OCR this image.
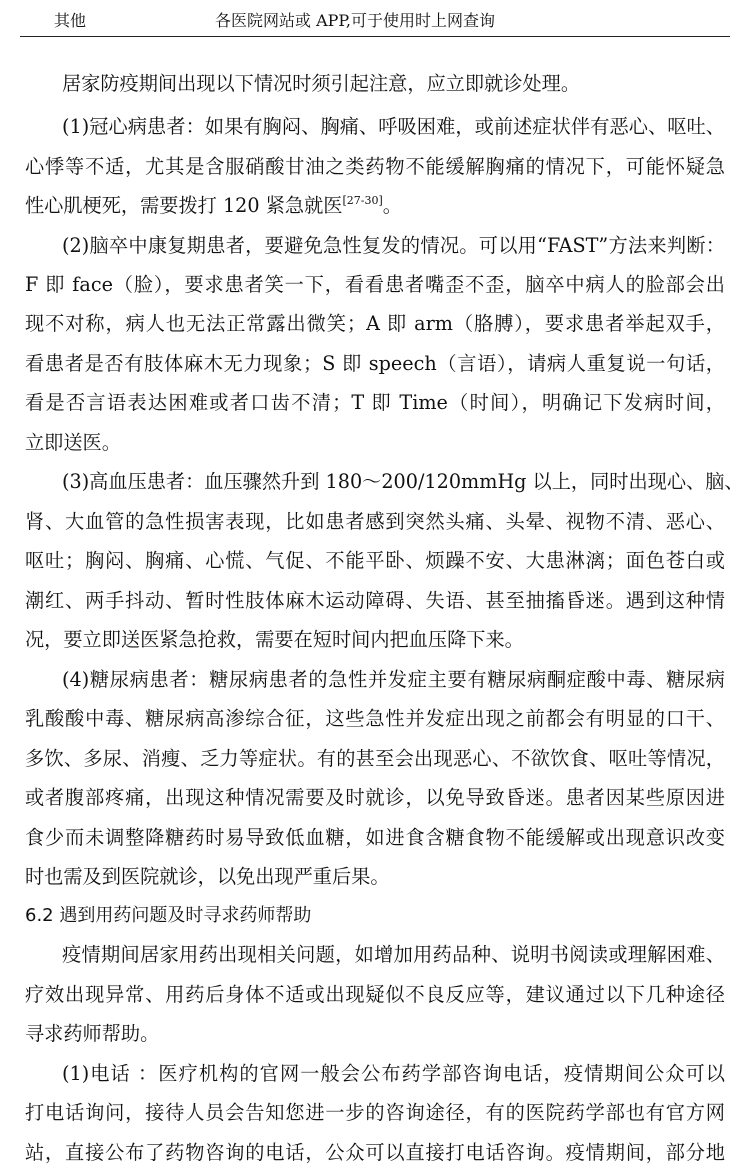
其他	各医院网站或 APP,可于使用时上网查询
居家防疫期间出现以下情况时须引起注意，应立即就诊处理。
(1)冠心病患者：如果有胸闷、胸痛、呼吸困难，或前述症状伴有恶心、呕吐、
心悸等不适，尤其是含服硝酸甘油之类药物不能缓解胸痛的情况下，可能怀疑急
性心肌梗死，需要拨打 120 紧急就医[27-30]。
(2)脑卒中康复期患者，要避免急性复发的情况。可以用“FAST”方法来判断：
F 即 face（脸），要求患者笑一下，看看患者嘴歪不歪，脑卒中病人的脸部会出
现不对称，病人也无法正常露出微笑；A 即 arm（胳膊），要求患者举起双手，
看患者是否有肢体麻木无力现象；S 即 speech（言语），请病人重复说一句话，
看是否言语表达困难或者口齿不清；T 即 Time（时间），明确记下发病时间，
立即送医。
(3)高血压患者：血压骤然升到 180～200/120mmHg 以上，同时出现心、脑、
肾、大血管的急性损害表现，比如患者感到突然头痛、头晕、视物不清、恶心、
呕吐；胸闷、胸痛、心慌、气促、不能平卧、烦躁不安、大患淋漓；面色苍白或
潮红、两手抖动、暂时性肢体麻木运动障碍、失语、甚至抽搐昏迷。遇到这种情
况，要立即送医紧急抢救，需要在短时间内把血压降下来。
(4)糖尿病患者：糖尿病患者的急性并发症主要有糖尿病酮症酸中毒、糖尿病
乳酸酸中毒、糖尿病高渗综合征，这些急性并发症出现之前都会有明显的口干、
多饮、多尿、消瘦、乏力等症状。有的甚至会出现恶心、不欲饮食、呕吐等情况，
或者腹部疼痛，出现这种情况需要及时就诊，以免导致昏迷。患者因某些原因进
食少而未调整降糖药时易导致低血糖，如进食含糖食物不能缓解或出现意识改变
时也需及到医院就诊，以免出现严重后果。
6.2 遇到用药问题及时寻求药师帮助
疫情期间居家用药出现相关问题，如增加用药品种、说明书阅读或理解困难、
疗效出现异常、用药后身体不适或出现疑似不良反应等，建议通过以下几种途径
寻求药师帮助。
(1)电话 ：医疗机构的官网一般会公布药学部咨询电话，疫情期间公众可以
打电话询问，接待人员会告知您进一步的咨询途径，有的医院药学部也有官方网
站，直接公布了药物咨询的电话，公众可以直接打电话咨询。疫情期间，部分地
